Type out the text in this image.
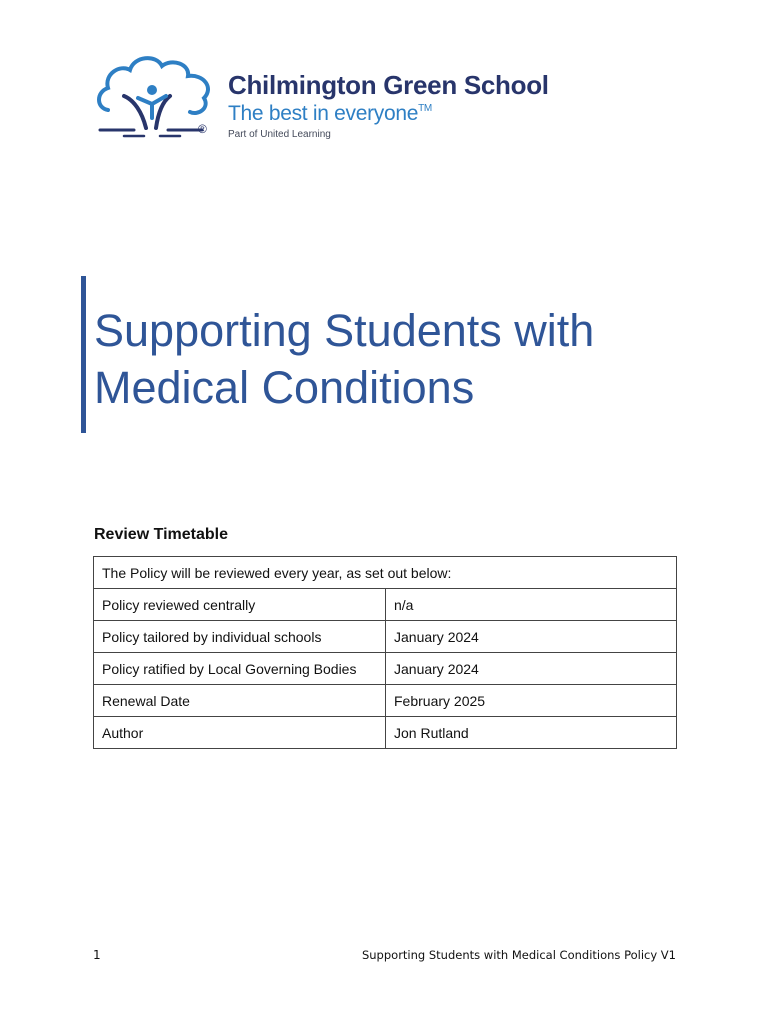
®
Chilmington Green School
The best in everyone™
Part of United Learning
Supporting Students with
Medical Conditions
Review Timetable
The Policy will be reviewed every year, as set out below:	
Policy reviewed centrally	n/a
Policy tailored by individual schools	January 2024
Policy ratified by Local Governing Bodies	January 2024
Renewal Date	February 2025
Author	Jon Rutland
1	Supporting Students with Medical Conditions Policy V1
